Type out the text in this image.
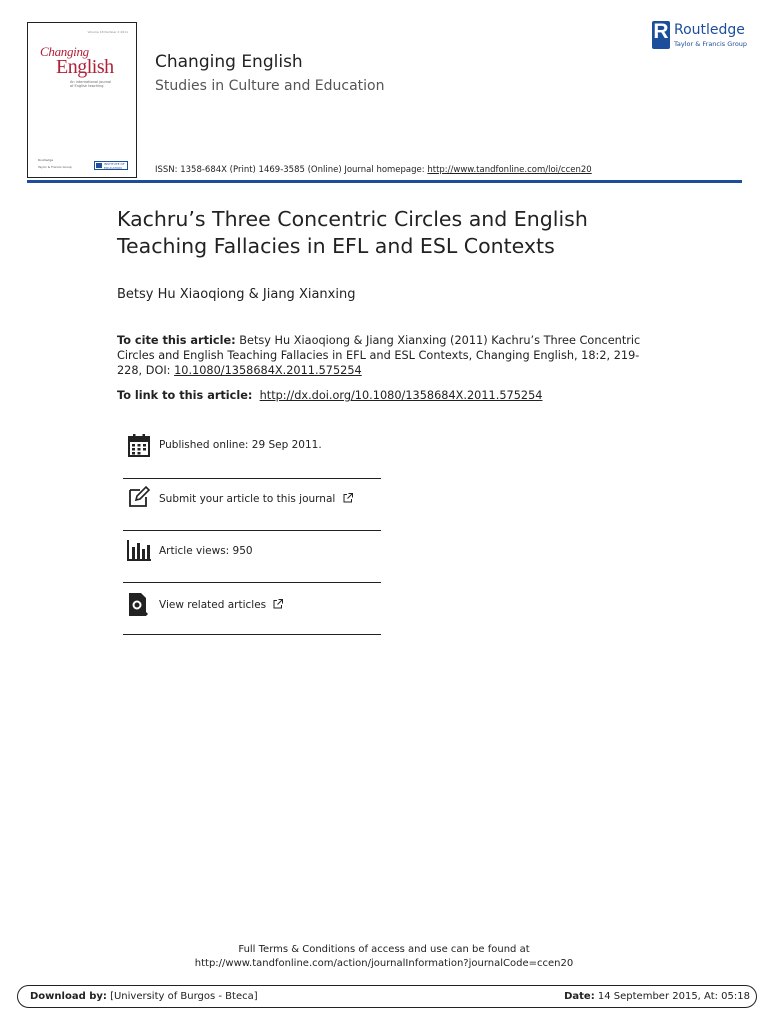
Volume 18 Number 2 2011
Changing
English
An international journal of English teaching
Routledge
Taylor & Francis Group
INSTITUTE OF EDUCATION
Changing English
Studies in Culture and Education
ISSN: 1358-684X (Print) 1469-3585 (Online) Journal homepage: http://www.tandfonline.com/loi/ccen20
R Routledge
Taylor & Francis Group
Kachru’s Three Concentric Circles and English Teaching Fallacies in EFL and ESL Contexts
Betsy Hu Xiaoqiong & Jiang Xianxing
To cite this article: Betsy Hu Xiaoqiong & Jiang Xianxing (2011) Kachru’s Three Concentric Circles and English Teaching Fallacies in EFL and ESL Contexts, Changing English, 18:2, 219-228, DOI: 10.1080/1358684X.2011.575254
To link to this article: http://dx.doi.org/10.1080/1358684X.2011.575254
Published online: 29 Sep 2011.
Submit your article to this journal
Article views: 950
View related articles
Full Terms & Conditions of access and use can be found at
http://www.tandfonline.com/action/journalInformation?journalCode=ccen20
Download by: [University of Burgos - Bteca]	Date: 14 September 2015, At: 05:18
